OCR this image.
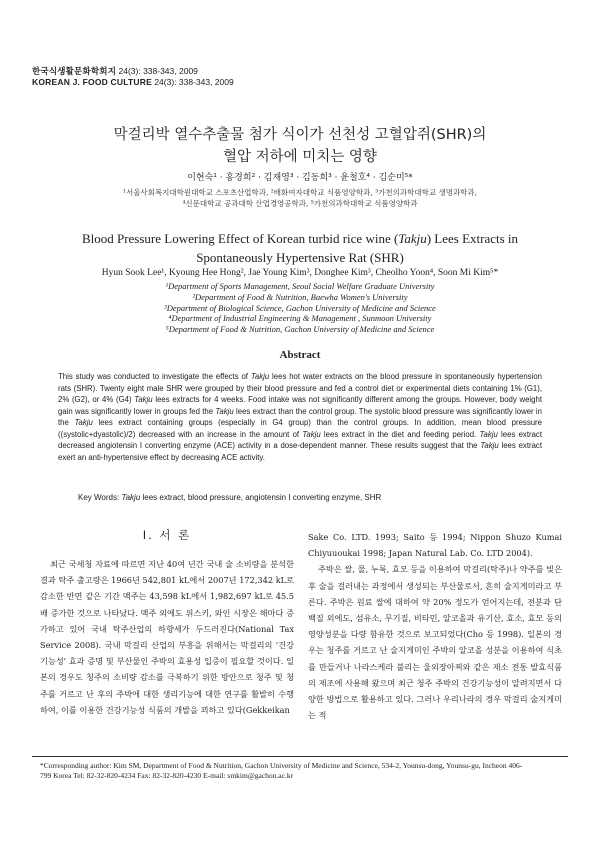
한국식생활문화학회지 24(3): 338-343, 2009
KOREAN J. FOOD CULTURE 24(3): 338-343, 2009
막걸리박 열수추출물 첨가 식이가 선천성 고혈압쥐(SHR)의
혈압 저하에 미치는 영향
이현숙¹ · 홍경희² · 김재영³ · 김동희³ · 윤철호⁴ · 김순미⁵*
¹서울사회복지대학원대학교 스포츠산업학과, ²배화여자대학교 식품영양학과, ³가천의과학대학교 생명과학과,
⁴신문대학교 공과대학 산업경영공학과, ⁵가천의과학대학교 식품영양학과
Blood Pressure Lowering Effect of Korean turbid rice wine (Takju) Lees Extracts in
Spontaneously Hypertensive Rat (SHR)
Hyun Sook Lee¹, Kyoung Hee Hong², Jae Young Kim³, Donghee Kim³, Cheolho Yoon⁴, Soon Mi Kim⁵*
¹Department of Sports Management, Seoul Social Welfare Graduate University
²Department of Food & Nutrition, Baewha Women's University
³Department of Biological Science, Gachon University of Medicine and Science
⁴Department of Industrial Engineering & Management , Sunmoon University
⁵Department of Food & Nutrition, Gachon University of Medicine and Science
Abstract
This study was conducted to investigate the effects of Takju lees hot water extracts on the blood pressure in spontaneously hypertension rats (SHR). Twenty eight male SHR were grouped by their blood pressure and fed a control diet or experimental diets containing 1% (G1), 2% (G2), or 4% (G4) Takju lees extracts for 4 weeks. Food intake was not significantly different among the groups. However, body weight gain was significantly lower in groups fed the Takju lees extract than the control group. The systolic blood pressure was significantly lower in the Takju lees extract containing groups (especially in G4 group) than the control groups. In addition, mean blood pressure ((systolic+dyastolic)/2) decreased with an increase in the amount of Takju lees extract in the diet and feeding period. Takju lees extract decreased angiotensin I converting enzyme (ACE) activity in a dose-dependent manner. These results suggest that the Takju lees extract exert an anti-hypertensive effect by decreasing ACE activity.
Key Words: Takju lees extract, blood pressure, angiotensin I converting enzyme, SHR
I. 서 론
최근 국세청 자료에 따르면 지난 40여 년간 국내 술 소비량을 분석한 결과 탁주 출고량은 1966년 542,801 kL에서 2007년 172,342 kL로 감소한 반면 같은 기간 맥주는 43,598 kL에서 1,982,697 kL로 45.5배 증가한 것으로 나타났다. 맥주 외에도 위스키, 와인 시장은 해마다 증가하고 있어 국내 탁주산업의 하향세가 두드러진다(National Tax Service 2008). 국내 막걸리 산업의 부흥을 위해서는 막걸리의 '건강기능성' 효과 증명 및 부산물인 주박의 효용성 입증이 필요할 것이다. 일본의 경우도 청주의 소비량 감소를 극복하기 위한 방안으로 청주 및 청주를 거르고 난 후의 주박에 대한 생리기능에 대한 연구를 활발히 수행하여, 이를 이용한 건강기능성 식품의 개발을 꾀하고 있다(Gekkeikan

Sake Co. LTD. 1993; Saito 등 1994; Nippon Shuzo Kumai Chiyuuoukai 1998; Japan Natural Lab. Co. LTD 2004).

주박은 쌀, 물, 누룩, 효모 등을 이용하여 막걸리(탁주)나 약주를 빚은 후 술을 걸러내는 과정에서 생성되는 부산물로서, 흔히 술지게미라고 부른다. 주박은 원료 쌀에 대하여 약 20% 정도가 얻어지는데, 전분과 단백질 외에도, 섬유소, 무기질, 비타민, 알코올과 유기산, 효소, 효모 등의 영양성분을 다량 함유한 것으로 보고되었다(Cho 등 1998). 일본의 경우는 청주를 거르고 난 술지게미인 주박의 알코올 성분을 이용하여 식초를 만들거나 나라스케라 불리는 울외장아찌와 같은 재소 전통 발효식품의 제조에 사용해 왔으며 최근 청주 주박의 건강기능성이 알려지면서 다양한 방법으로 활용하고 있다. 그러나 우리나라의 경우 막걸리 술지게미는 적

*Corresponding author: Kim SM, Department of Food & Nutrition, Gachon University of Medicine and Science, 534-2, Younsu-dong, Younsu-gu, Incheon 406-
799 Korea Tel: 82-32-820-4234 Fax: 82-32-820-4230 E-mail: smkim@gachon.ac.kr
